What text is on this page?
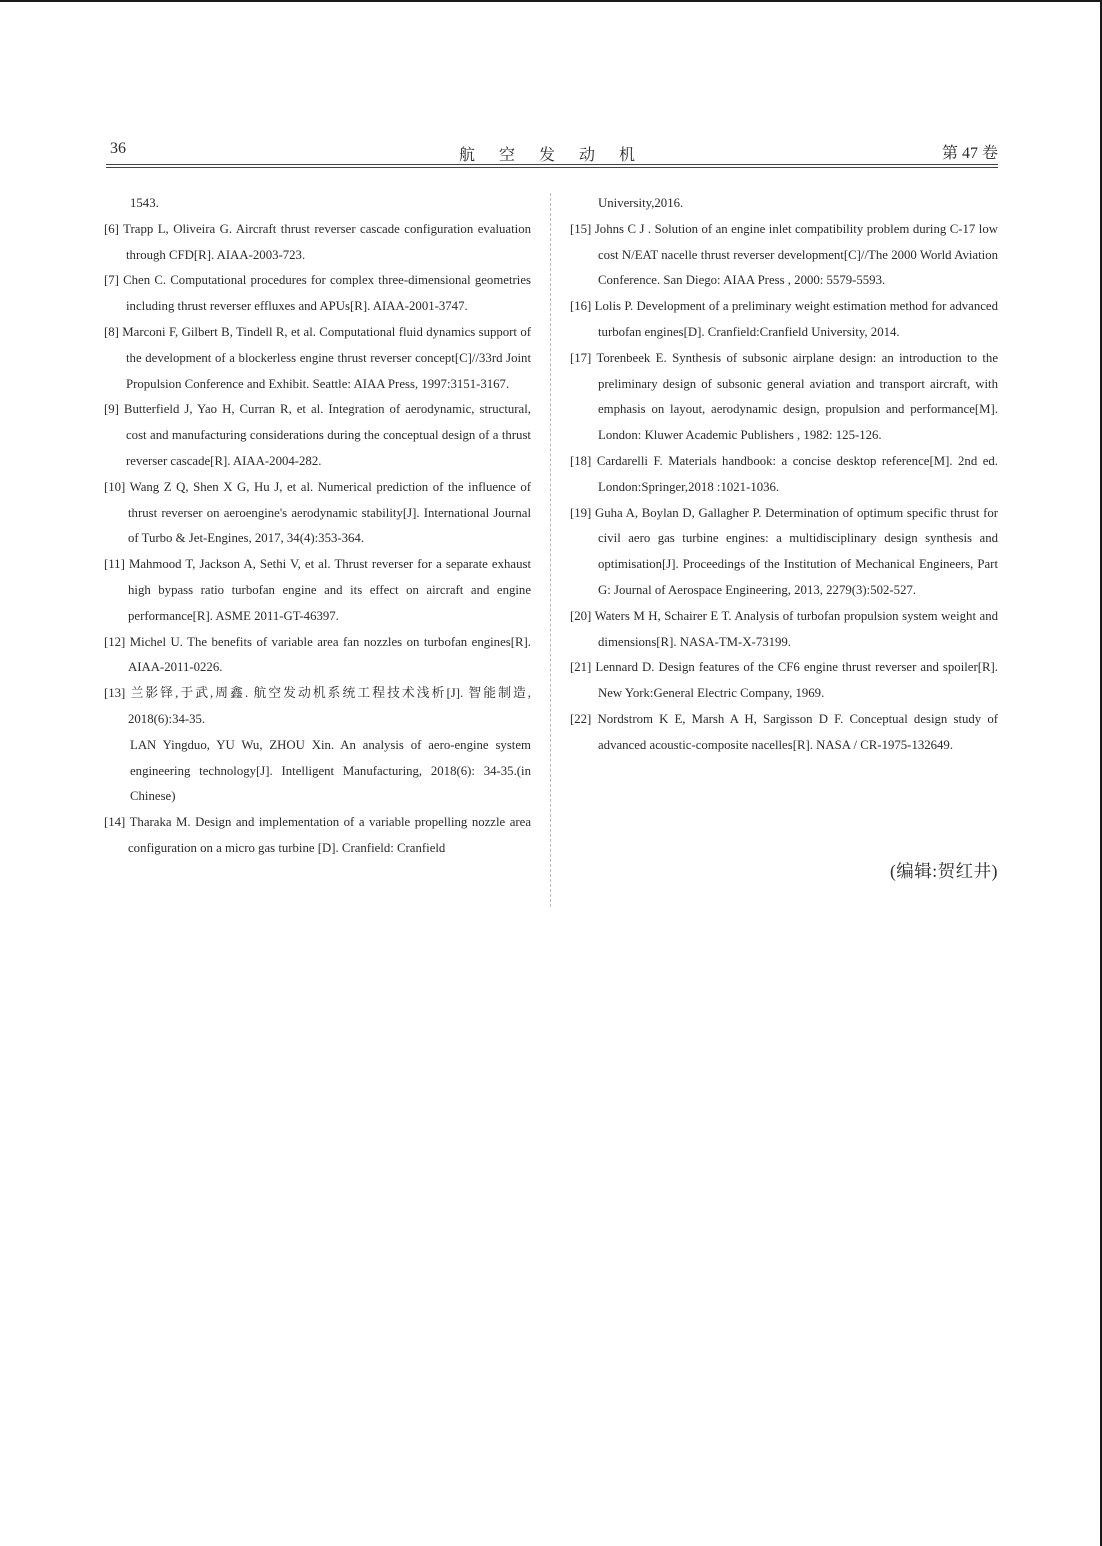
36	航 空 发 动 机	第 47 卷

1543.

[6] Trapp L, Oliveira G. Aircraft thrust reverser cascade configuration evaluation through CFD[R]. AIAA-2003-723.

[7] Chen C. Computational procedures for complex three-dimensional geometries including thrust reverser effluxes and APUs[R]. AIAA-2001-3747.

[8] Marconi F, Gilbert B, Tindell R, et al. Computational fluid dynamics support of the development of a blockerless engine thrust reverser concept[C]//33rd Joint Propulsion Conference and Exhibit. Seattle: AIAA Press, 1997:3151-3167.

[9] Butterfield J, Yao H, Curran R, et al. Integration of aerodynamic, structural, cost and manufacturing considerations during the conceptual design of a thrust reverser cascade[R]. AIAA-2004-282.

[10] Wang Z Q, Shen X G, Hu J, et al. Numerical prediction of the influence of thrust reverser on aeroengine's aerodynamic stability[J]. International Journal of Turbo & Jet-Engines, 2017, 34(4):353-364.

[11] Mahmood T, Jackson A, Sethi V, et al. Thrust reverser for a separate exhaust high bypass ratio turbofan engine and its effect on aircraft and engine performance[R]. ASME 2011-GT-46397.

[12] Michel U. The benefits of variable area fan nozzles on turbofan engines[R]. AIAA-2011-0226.

[13] 兰影铎,于武,周鑫. 航空发动机系统工程技术浅析[J]. 智能制造, 2018(6):34-35.

LAN Yingduo, YU Wu, ZHOU Xin. An analysis of aero-engine system engineering technology[J]. Intelligent Manufacturing, 2018(6): 34-35.(in Chinese)

[14] Tharaka M. Design and implementation of a variable propelling nozzle area configuration on a micro gas turbine [D]. Cranfield: Cranfield

University,2016.

[15] Johns C J . Solution of an engine inlet compatibility problem during C-17 low cost N/EAT nacelle thrust reverser development[C]//The 2000 World Aviation Conference. San Diego: AIAA Press , 2000: 5579-5593.

[16] Lolis P. Development of a preliminary weight estimation method for advanced turbofan engines[D]. Cranfield:Cranfield University, 2014.

[17] Torenbeek E. Synthesis of subsonic airplane design: an introduction to the preliminary design of subsonic general aviation and transport aircraft, with emphasis on layout, aerodynamic design, propulsion and performance[M]. London: Kluwer Academic Publishers , 1982: 125-126.

[18] Cardarelli F. Materials handbook: a concise desktop reference[M]. 2nd ed. London:Springer,2018 :1021-1036.

[19] Guha A, Boylan D, Gallagher P. Determination of optimum specific thrust for civil aero gas turbine engines: a multidisciplinary design synthesis and optimisation[J]. Proceedings of the Institution of Mechanical Engineers, Part G: Journal of Aerospace Engineering, 2013, 2279(3):502-527.

[20] Waters M H, Schairer E T. Analysis of turbofan propulsion system weight and dimensions[R]. NASA-TM-X-73199.

[21] Lennard D. Design features of the CF6 engine thrust reverser and spoiler[R]. New York:General Electric Company, 1969.

[22] Nordstrom K E, Marsh A H, Sargisson D F. Conceptual design study of advanced acoustic-composite nacelles[R]. NASA / CR-1975-132649.

(编辑:贺红井)
